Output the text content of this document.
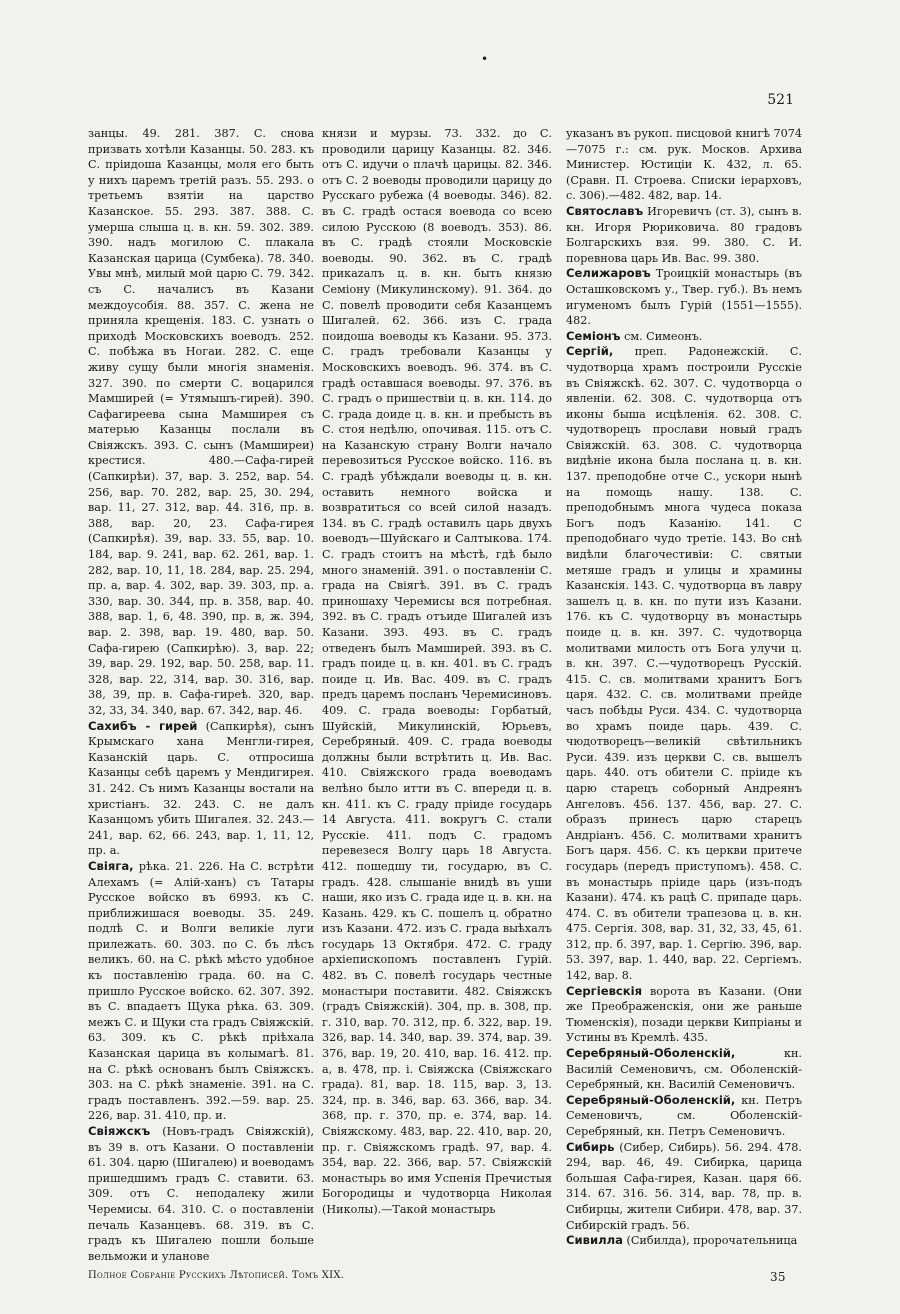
•
521

занцы. 49. 281. 387. С. снова призвать хотѣли Казанцы. 50. 283. къ С. пріидоша Казанцы, моля его быть у нихъ царемъ третій разъ. 55. 293. о третьемъ взятіи на царство Казанское. 55. 293. 387. 388. С. умерша слыша ц. в. кн. 59. 302. 389. 390. надъ могилою С. плакала Казанская царица (Сумбека). 78. 340. Увы мнѣ, милый мой царю С. 79. 342. съ С. началисъ въ Казани междоусобія. 88. 357. С. жена не приняла крещенія. 183. С. узнать о приходѣ Московскихъ воеводъ. 252. С. побѣжа въ Ногаи. 282. С. еще живу сущу были многія знаменія. 327. 390. по смерти С. воцарился Мамширей (= Утямышъ-гирей). 390. Сафагиреева сына Мамширея съ матерью Казанцы послали въ Свіяжскъ. 393. С. сынъ (Мамширеи) крестися. 480.—Сафа-гирей (Сапкирѣи). 37, вар. 3. 252, вар. 54. 256, вар. 70. 282, вар. 25, 30. 294, вар. 11, 27. 312, вар. 44. 316, пр. в. 388, вар. 20, 23. Сафа-гирея (Сапкирѣя). 39, вар. 33. 55, вар. 10. 184, вар. 9. 241, вар. 62. 261, вар. 1. 282, вар. 10, 11, 18. 284, вар. 25. 294, пр. а, вар. 4. 302, вар. 39. 303, пр. а. 330, вар. 30. 344, пр. в. 358, вар. 40. 388, вар. 1, 6, 48. 390, пр. в, ж. 394, вар. 2. 398, вар. 19. 480, вар. 50. Сафа-гирею (Сапкирѣю). 3, вар. 22; 39, вар. 29. 192, вар. 50. 258, вар. 11. 328, вар. 22, 314, вар. 30. 316, вар. 38, 39, пр. в. Сафа-гиреѣ. 320, вар. 32, 33, 34. 340, вар. 67. 342, вар. 46.

Сахибъ - гирей (Сапкирѣя), сынъ Крымскаго хана Менгли-гирея, Казанскій царь. С. отпросиша Казанцы себѣ царемъ у Мендигирея. 31. 242. Съ нимъ Казанцы востали на христіанъ. 32. 243. С. не далъ Казанцомъ убить Шигалея. 32. 243.—241, вар. 62, 66. 243, вар. 1, 11, 12, пр. а.

Свіяга, рѣка. 21. 226. На С. встрѣти Алехамъ (= Алій-ханъ) съ Татары Русское войско въ 6993. къ С. приближишася воеводы. 35. 249. подлѣ С. и Волги великіе луги прилежать. 60. 303. по С. бъ лѣсъ великъ. 60. на С. рѣкѣ мѣсто удобное къ поставленію града. 60. на С. пришло Русское войско. 62. 307. 392. въ С. впадаетъ Щука рѣка. 63. 309. межъ С. и Щуки ста градъ Свіяжскій. 63. 309. къ С. рѣкѣ пріѣхала Казанская царица въ колымагѣ. 81. на С. рѣкѣ основанъ былъ Свіяжскъ. 303. на С. рѣкѣ знаменіе. 391. на С. градъ поставленъ. 392.—59. вар. 25. 226, вар. 31. 410, пр. и.

Свіяжскъ (Новъ-градъ Свіяжскій), въ 39 в. отъ Казани. О поставленіи 61. 304. царю (Шигалею) и воеводамъ пришедшимъ градъ С. ставити. 63. 309. отъ С. неподалеку жили Черемисы. 64. 310. С. о поставленіи печаль Казанцевъ. 68. 319. въ С. градъ къ Шигалею пошли больше вельможи и уланове

князи и мурзы. 73. 332. до С. проводили царицу Казанцы. 82. 346. отъ С. идучи о плачѣ царицы. 82. 346. отъ С. 2 воеводы проводили царицу до Русскаго рубежа (4 воеводы. 346). 82. въ С. градѣ остася воевода со всею силою Русскою (8 воеводъ. 353). 86. въ С. градѣ стояли Московскіе воеводы. 90. 362. въ С. градѣ прикazалъ ц. в. кн. быть князю Семіону (Микулинскому). 91. 364. до С. повелѣ проводити себя Казанцемъ Шигалей. 62. 366. изъ С. града поидоша воеводы къ Казани. 95. 373. С. градъ требовали Казанцы у Московскихъ воеводъ. 96. 374. въ С. градѣ оставшася воеводы. 97. 376. въ С. градъ о пришествіи ц. в. кн. 114. до С. града доиде ц. в. кн. и пребысть въ С. стоя недѣлю, опочивая. 115. отъ С. на Казанскую страну Волги начало перевозиться Русское войско. 116. въ С. градѣ убѣждали воеводы ц. в. кн. оставить немного войска и возвратиться со всей силой назадъ. 134. въ С. градѣ оставилъ царь двухъ воеводъ—Шуйскаго и Салтыкова. 174. С. градъ стоитъ на мѣстѣ, гдѣ было много знаменій. 391. о поставленіи С. града на Свіягѣ. 391. въ С. градъ приношаху Черемисы вся потребная. 392. въ С. градъ отъиде Шигалей изъ Казани. 393. 493. въ С. градъ отведенъ былъ Мамширей. 393. въ С. градъ поиде ц. в. кн. 401. въ С. градъ поиде ц. Ив. Вас. 409. въ С. градъ предъ царемъ посланъ Черемисиновъ. 409. С. града воеводы: Горбатый, Шуйскій, Микулинскій, Юрьевъ, Серебряный. 409. С. града воеводы должны были встрѣтить ц. Ив. Вас. 410. Свіяжского града воеводамъ велѣно было итти въ С. впереди ц. в. кн. 411. къ С. граду пріиде государь 14 Августа. 411. вокругъ С. стали Русскіе. 411. подъ С. градомъ перевезеся Волгу царь 18 Августа. 412. пошедшу ти, государю, въ С. градъ. 428. слышаніе внидѣ въ уши наши, яко изъ С. града иде ц. в. кн. на Казань. 429. къ С. пошелъ ц. обратно изъ Казани. 472. изъ С. града выѣхалъ государь 13 Октября. 472. С. граду архіепископомъ поставленъ Гурій. 482. въ С. повелѣ государь честные монастыри поставити. 482. Свіяжскъ (градъ Свіяжскій). 304, пр. в. 308, пр. г. 310, вар. 70. 312, пр. б. 322, вар. 19. 326, вар. 14. 340, вар. 39. 374, вар. 39. 376, вар. 19, 20. 410, вар. 16. 412. пр. а, в. 478, пр. і. Свіяжска (Свіяжскаго града). 81, вар. 18. 115, вар. 3, 13. 324, пр. в. 346, вар. 63. 366, вар. 34. 368, пр. г. 370, пр. е. 374, вар. 14. Свіяжскому. 483, вар. 22. 410, вар. 20, пр. г. Свіяжскомъ градѣ. 97, вар. 4. 354, вар. 22. 366, вар. 57. Свіяжскій монастырь во имя Успенія Пречистыя Богородицы и чудотворца Николая (Николы).—Такой монастырь

указанъ въ рукоп. писцовой книгѣ 7074—7075 г.: см. рук. Москов. Архива Министер. Юстиціи К. 432, л. 65. (Сравн. П. Строева. Списки іерарховъ, с. 306).—482. 482, вар. 14.

Святославъ Игоревичъ (ст. 3), сынъ в. кн. Игоря Рюриковича. 80 градовъ Болгарскихъ взя. 99. 380. С. И. поревнова царь Ив. Вас. 99. 380.

Селижаровъ Троицкій монастырь (въ Осташковскомъ у., Твер. губ.). Въ немъ игуменомъ былъ Гурій (1551—1555). 482.

Семіонъ см. Симеонъ.

Сергій, преп. Радонежскій. С. чудотворца храмъ построили Русскіе въ Свіяжскѣ. 62. 307. С. чудотворца о явленіи. 62. 308. С. чудотворца отъ иконы быша исцѣленія. 62. 308. С. чудотворецъ прослави новый градъ Свіяжскій. 63. 308. С. чудотворца видѣніе икона была послана ц. в. кн. 137. преподобне отче С., ускори нынѣ на помощь нашу. 138. С. преподобнымъ многа чудеса показа Богъ подъ Казанію. 141. С преподобнаго чудо третіе. 143. Во снѣ видѣли благочестивіи: С. святыи метяше градъ и улицы и храмины Казанскія. 143. С. чудотворца въ лавру зашелъ ц. в. кн. по пути изъ Казани. 176. къ С. чудотворцу въ монастырь поиде ц. в. кн. 397. С. чудотворца молитвами милость отъ Бога улучи ц. в. кн. 397. С.—чудотворецъ Русскій. 415. С. св. молитвами хранитъ Богъ царя. 432. С. св. молитвами прейде часъ побѣды Руси. 434. С. чудотворца во храмъ поиде царь. 439. С. чюдотворецъ—великій свѣтильникъ Руси. 439. изъ церкви С. св. вышелъ царь. 440. отъ обители С. пріиде къ царю старецъ соборный Андреянъ Ангеловъ. 456. 137. 456, вар. 27. С. образъ принесъ царю старецъ Андріанъ. 456. С. молитвами хранитъ Богъ царя. 456. С. къ церкви притече государь (передъ приступомъ). 458. С. въ монастырь пріиде царь (изъ-подъ Казани). 474. къ рацѣ С. припаде царь. 474. С. въ обители трапезова ц. в. кн. 475. Сергія. 308, вар. 31, 32, 33, 45, 61. 312, пр. б. 397, вар. 1. Сергію. 396, вар. 53. 397, вар. 1. 440, вар. 22. Сергіемъ. 142, вар. 8.

Сергіевскія ворота въ Казани. (Они же Преображенскія, они же раньше Тюменскія), позади церкви Кипріаны и Устины въ Кремлѣ. 435.

Серебряный-Оболенскій,	кн. Василій Семеновичъ, см. Оболенскій-Серебряный, кн. Василій Семеновичъ.

Серебряный-Оболенскій, кн. Петръ Семеновичъ, см. Оболенскій-Серебряный, кн. Петръ Семеновичъ.

Сибирь (Сибер, Сибирь). 56. 294. 478. 294, вар. 46, 49. Сибирка, царица большая Сафа-гирея, Казан. царя 66. 314. 67. 316. 56. 314, вар. 78, пр. в. Сибирцы, жители Сибири. 478, вар. 37. Сибирскій градъ. 56.

Сивилла (Сибилда), пророчательница

Полное Собраніе Русскихъ Лѣтописей. Томъ XIX.	35
